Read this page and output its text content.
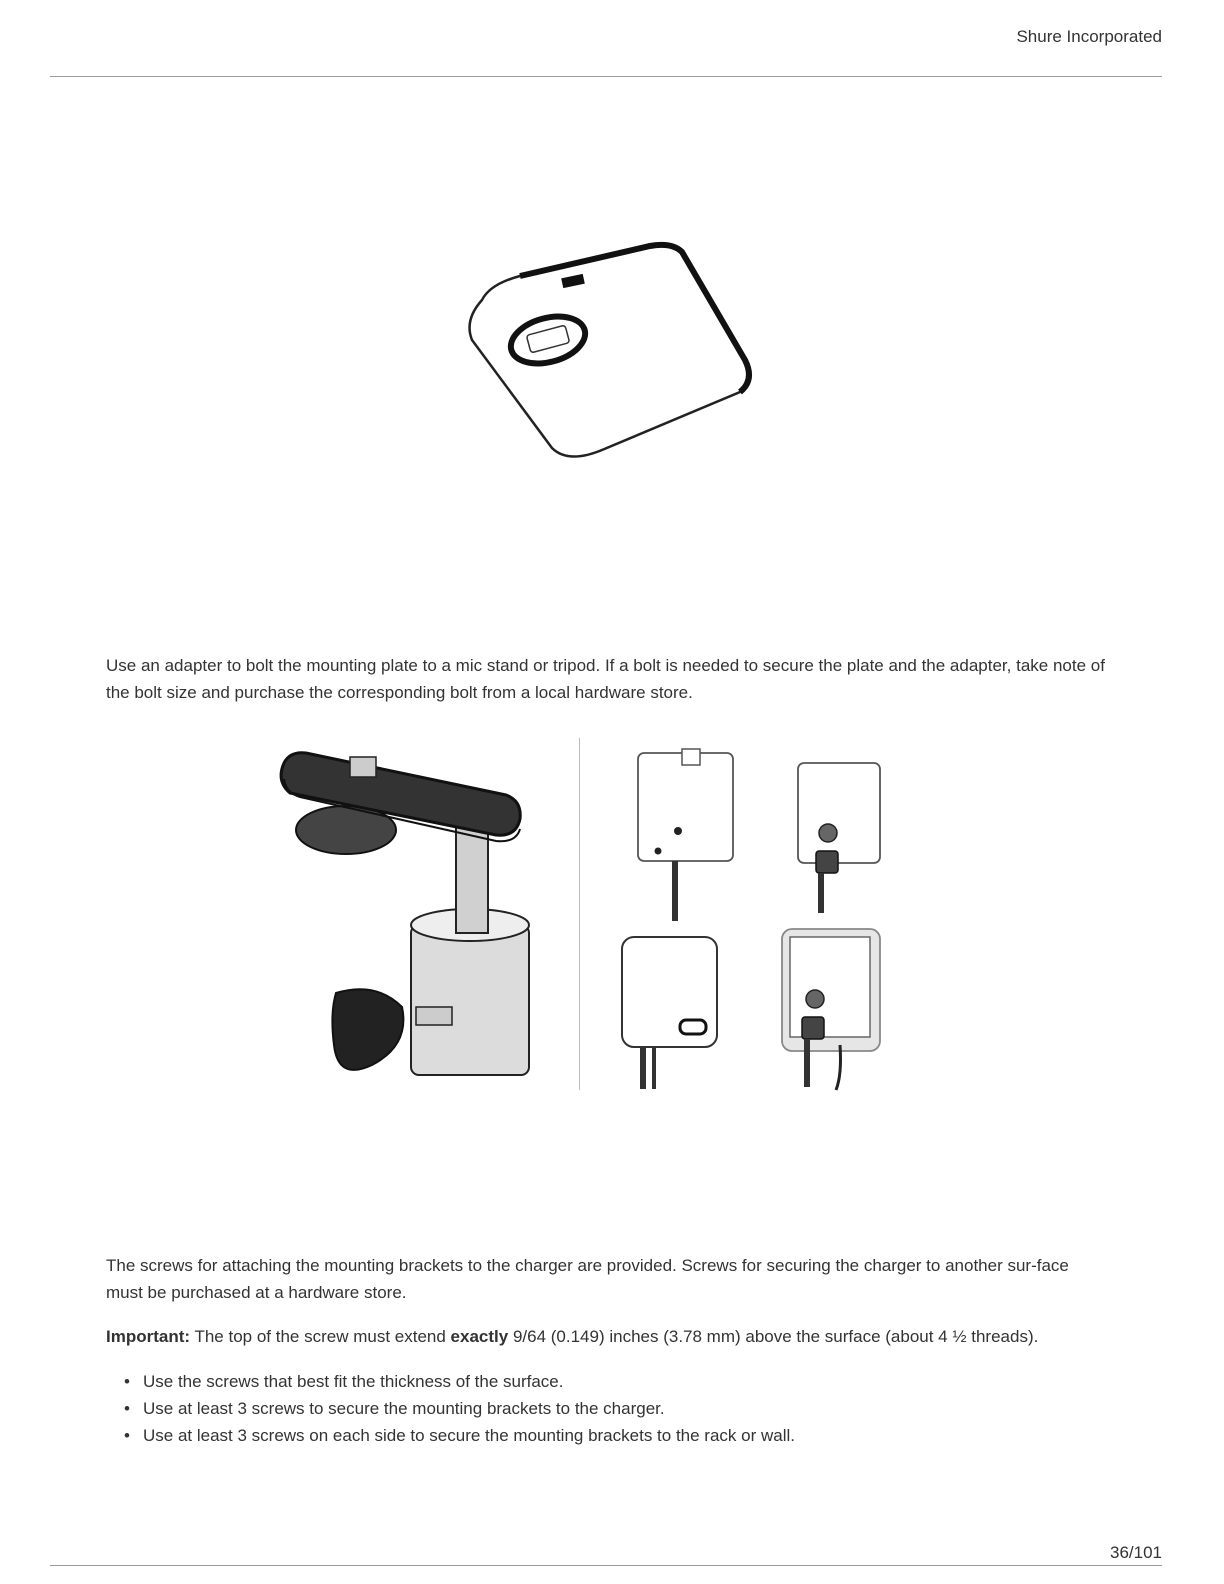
Shure Incorporated

Use an adapter to bolt the mounting plate to a mic stand or tripod. If a bolt is needed to secure the plate and the adapter, take note of the bolt size and purchase the corresponding bolt from a local hardware store.

The screws for attaching the mounting brackets to the charger are provided. Screws for securing the charger to another sur-face must be purchased at a hardware store.

Important: The top of the screw must extend exactly 9/64 (0.149) inches (3.78 mm) above the surface (about 4 ½ threads).

• Use the screws that best fit the thickness of the surface.
• Use at least 3 screws to secure the mounting brackets to the charger.
• Use at least 3 screws on each side to secure the mounting brackets to the rack or wall.
36/101
